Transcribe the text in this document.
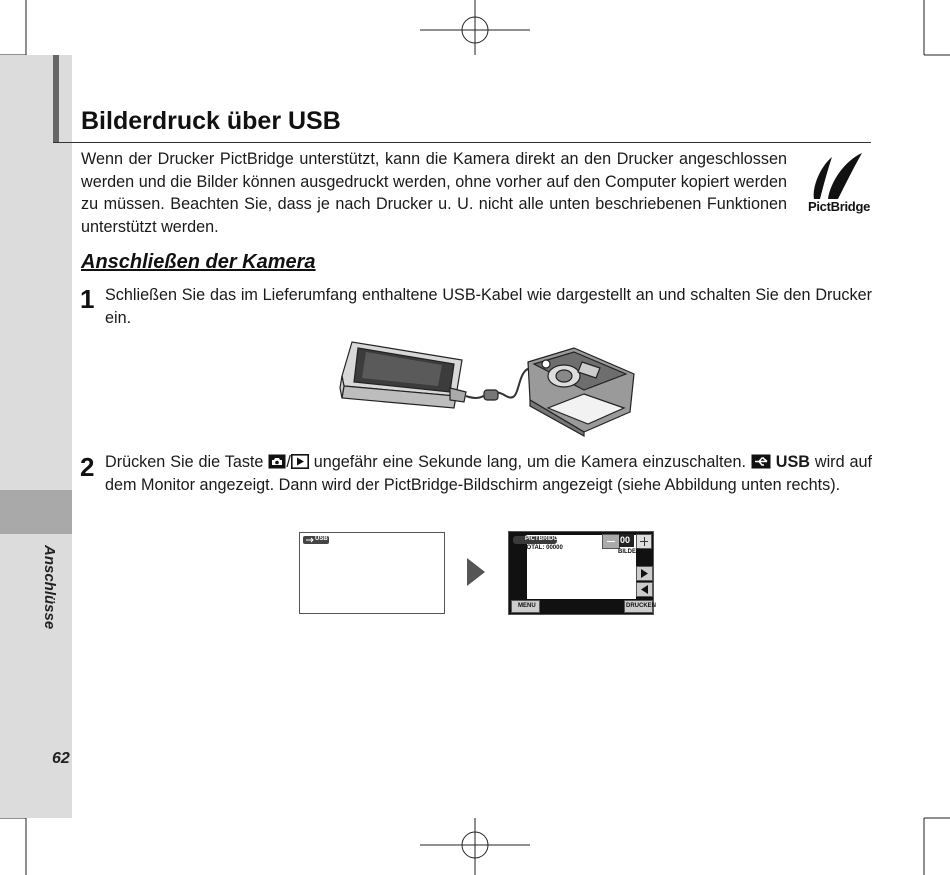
Anschlüsse
62
Bilderdruck über USB
Wenn der Drucker PictBridge unterstützt, kann die Kamera direkt an den Drucker angeschlossen werden und die Bilder können ausgedruckt werden, ohne vorher auf den Computer kopiert werden zu müssen. Beachten Sie, dass je nach Drucker u. U. nicht alle unten beschriebenen Funktionen unterstützt werden.
PictBridge
Anschließen der Kamera
1 Schließen Sie das im Lieferumfang enthaltene USB-Kabel wie dargestellt an und schalten Sie den Drucker ein.
2 Drücken Sie die Taste / ungefähr eine Sekunde lang, um die Kamera einzuschalten.  USB wird auf dem Monitor angezeigt. Dann wird der PictBridge-Bildschirm angezeigt (siehe Abbildung unten rechts).
USB	PICTBRIDGE
TOTAL: 00000
00
BILDER
MENU	DRUCKEN
